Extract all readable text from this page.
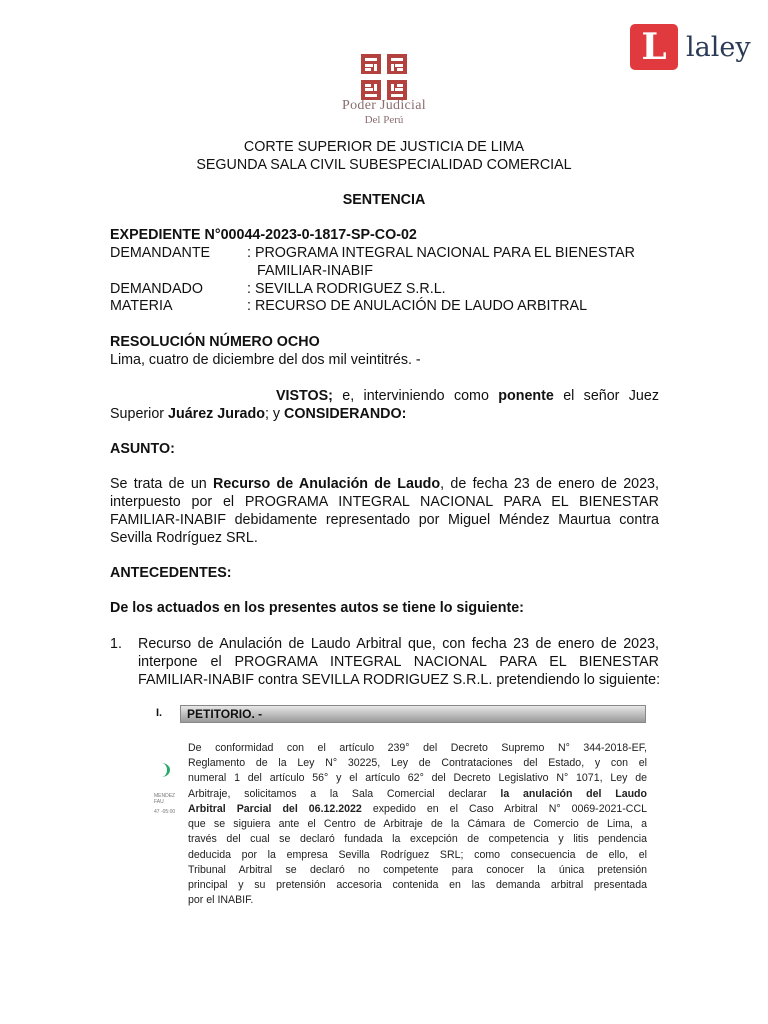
L laley
Poder Judicial
Del Perú
CORTE SUPERIOR DE JUSTICIA DE LIMA
SEGUNDA SALA CIVIL SUBESPECIALIDAD COMERCIAL
SENTENCIA
EXPEDIENTE N°00044-2023-0-1817-SP-CO-02
DEMANDANTE	: PROGRAMA INTEGRAL NACIONAL PARA EL BIENESTAR
FAMILIAR-INABIF
DEMANDADO	: SEVILLA RODRIGUEZ S.R.L.
MATERIA	: RECURSO DE ANULACIÓN DE LAUDO ARBITRAL
RESOLUCIÓN NÚMERO OCHO
Lima, cuatro de diciembre del dos mil veintitrés. -
VISTOS; e, interviniendo como ponente el señor Juez
Superior Juárez Jurado; y CONSIDERANDO:
ASUNTO:
Se trata de un Recurso de Anulación de Laudo, de fecha 23 de enero de 2023,
interpuesto por el PROGRAMA INTEGRAL NACIONAL PARA EL BIENESTAR
FAMILIAR-INABIF debidamente representado por Miguel Méndez Maurtua contra
Sevilla Rodríguez SRL.
ANTECEDENTES:
De los actuados en los presentes autos se tiene lo siguiente:
1. Recurso de Anulación de Laudo Arbitral que, con fecha 23 de enero de 2023,
interpone el PROGRAMA INTEGRAL NACIONAL PARA EL BIENESTAR
FAMILIAR-INABIF contra SEVILLA RODRIGUEZ S.R.L. pretendiendo lo siguiente:
I.	PETITORIO. -
MENDEZ
FAU
47 -05:00
De conformidad con el artículo 239° del Decreto Supremo N° 344-2018-EF,
Reglamento de la Ley N° 30225, Ley de Contrataciones del Estado, y con el
numeral 1 del artículo 56° y el artículo 62° del Decreto Legislativo N° 1071, Ley de
Arbitraje, solicitamos a la Sala Comercial declarar la anulación del Laudo
Arbitral Parcial del 06.12.2022 expedido en el Caso Arbitral N° 0069-2021-CCL
que se siguiera ante el Centro de Arbitraje de la Cámara de Comercio de Lima, a
través del cual se declaró fundada la excepción de competencia y litis pendencia
deducida por la empresa Sevilla Rodríguez SRL; como consecuencia de ello, el
Tribunal Arbitral se declaró no competente para conocer la única pretensión
principal y su pretensión accesoria contenida en las demanda arbitral presentada
por el INABIF.
